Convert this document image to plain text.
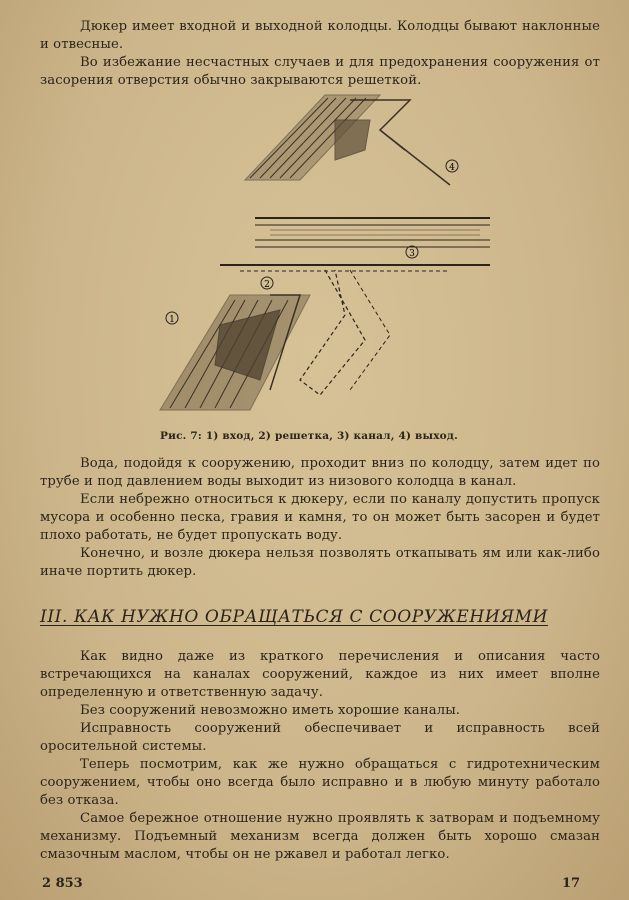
Дюкер имеет входной и выходной колодцы. Колодцы бывают наклонные и отвесные.

Во избежание несчастных случаев и для предохранения сооружения от засорения отверстия обычно закрываются решеткой.

1
2
3
4
Рис. 7: 1) вход, 2) решетка, 3) канал, 4) выход.

Вода, подойдя к сооружению, проходит вниз по колодцу, затем идет по трубе и под давлением воды выходит из низового колодца в канал.

Если небрежно относиться к дюкеру, если по каналу допустить пропуск мусора и особенно песка, гравия и камня, то он может быть засорен и будет плохо работать, не будет пропускать воду.

Конечно, и возле дюкера нельзя позволять откапывать ям или как-либо иначе портить дюкер.

III. КАК НУЖНО ОБРАЩАТЬСЯ С СООРУЖЕНИЯМИ

Как видно даже из краткого перечисления и описания часто встречающихся на каналах сооружений, каждое из них имеет вполне определенную и ответственную задачу.

Без сооружений невозможно иметь хорошие каналы.

Исправность сооружений обеспечивает и исправность всей оросительной системы.

Теперь посмотрим, как же нужно обращаться с гидротехническим сооружением, чтобы оно всегда было исправно и в любую минуту работало без отказа.

Самое бережное отношение нужно проявлять к затворам и подъемному механизму. Подъемный механизм всегда должен быть хорошо смазан смазочным маслом, чтобы он не ржавел и работал легко.

2 853	17
